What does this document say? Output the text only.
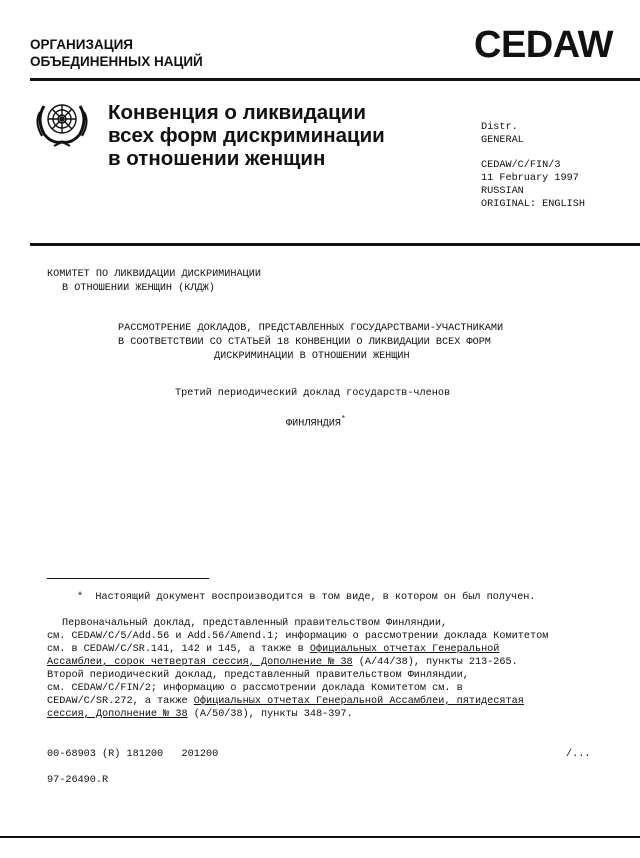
ОРГАНИЗАЦИЯ
ОБЪЕДИНЕННЫХ НАЦИЙ	CEDAW
Конвенция о ликвидации
всех форм дискриминации
в отношении женщин
Distr.
GENERAL
CEDAW/C/FIN/3
11 February 1997
RUSSIAN
ORIGINAL: ENGLISH
КОМИТЕТ ПО ЛИКВИДАЦИИ ДИСКРИМИНАЦИИ
В ОТНОШЕНИИ ЖЕНЩИН (КЛДЖ)
РАССМОТРЕНИЕ ДОКЛАДОВ, ПРЕДСТАВЛЕННЫХ ГОСУДАРСТВАМИ-УЧАСТНИКАМИ
В СООТВЕТСТВИИ СО СТАТЬЕЙ 18 КОНВЕНЦИИ О ЛИКВИДАЦИИ ВСЕХ ФОРМ
ДИСКРИМИНАЦИИ В ОТНОШЕНИИ ЖЕНЩИН
Третий периодический доклад государств-членов
ФИНЛЯНДИЯ*
*  Настоящий документ воспроизводится в том виде, в котором он был получен.
Первоначальный доклад, представленный правительством Финляндии,
см. CEDAW/C/5/Add.56 и Add.56/Amend.1; информацию о рассмотрении доклада Комитетом
см. в CEDAW/C/SR.141, 142 и 145, а также в Официальных отчетах Генеральной
Ассамблеи, сорок четвертая сессия, Дополнение № 38 (A/44/38), пункты 213-265.
Второй периодический доклад, представленный правительством Финляндии,
см. CEDAW/C/FIN/2; информацию о рассмотрении доклада Комитетом см. в
CEDAW/C/SR.272, а также Официальных отчетах Генеральной Ассамблеи, пятидесятая
сессия, Дополнение № 38 (A/50/38), пункты 348-397.
00-68903 (R) 181200   201200	/...
97-26490.R
